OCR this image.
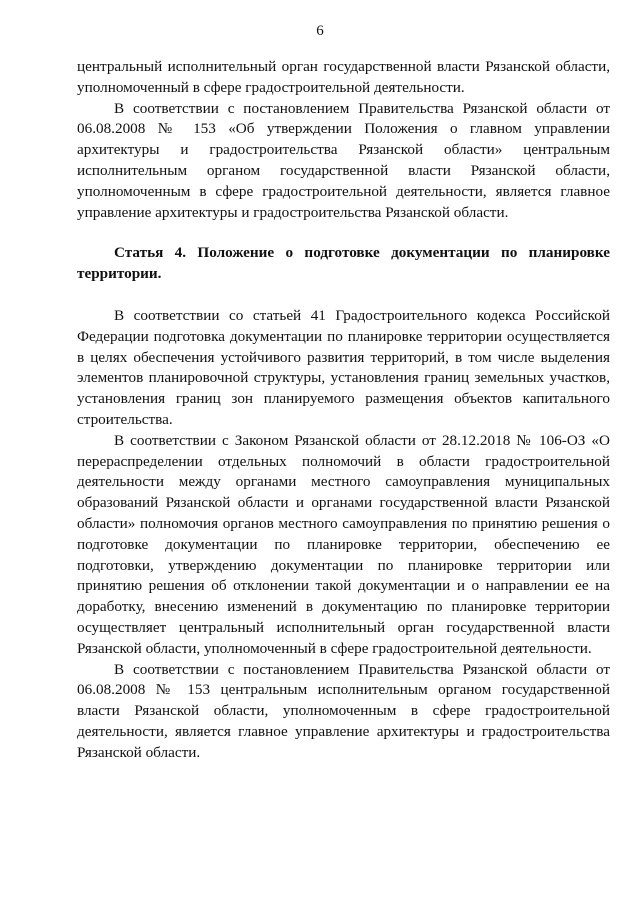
6

центральный исполнительный орган государственной власти Рязанской области, уполномоченный в сфере градостроительной деятельности.

В соответствии с постановлением Правительства Рязанской области от 06.08.2008 № 153 «Об утверждении Положения о главном управлении архитектуры и градостроительства Рязанской области» центральным исполнительным органом государственной власти Рязанской области, уполномоченным в сфере градостроительной деятельности, является главное управление архитектуры и градостроительства Рязанской области.

Статья 4. Положение о подготовке документации по планировке территории.

В соответствии со статьей 41 Градостроительного кодекса Российской Федерации подготовка документации по планировке территории осуществляется в целях обеспечения устойчивого развития территорий, в том числе выделения элементов планировочной структуры, установления границ земельных участков, установления границ зон планируемого размещения объектов капитального строительства.

В соответствии с Законом Рязанской области от 28.12.2018 № 106-ОЗ «О перераспределении отдельных полномочий в области градостроительной деятельности между органами местного самоуправления муниципальных образований Рязанской области и органами государственной власти Рязанской области» полномочия органов местного самоуправления по принятию решения о подготовке документации по планировке территории, обеспечению ее подготовки, утверждению документации по планировке территории или принятию решения об отклонении такой документации и о направлении ее на доработку, внесению изменений в документацию по планировке территории осуществляет центральный исполнительный орган государственной власти Рязанской области, уполномоченный в сфере градостроительной деятельности.

В соответствии с постановлением Правительства Рязанской области от 06.08.2008 № 153 центральным исполнительным органом государственной власти Рязанской области, уполномоченным в сфере градостроительной деятельности, является главное управление архитектуры и градостроительства Рязанской области.
